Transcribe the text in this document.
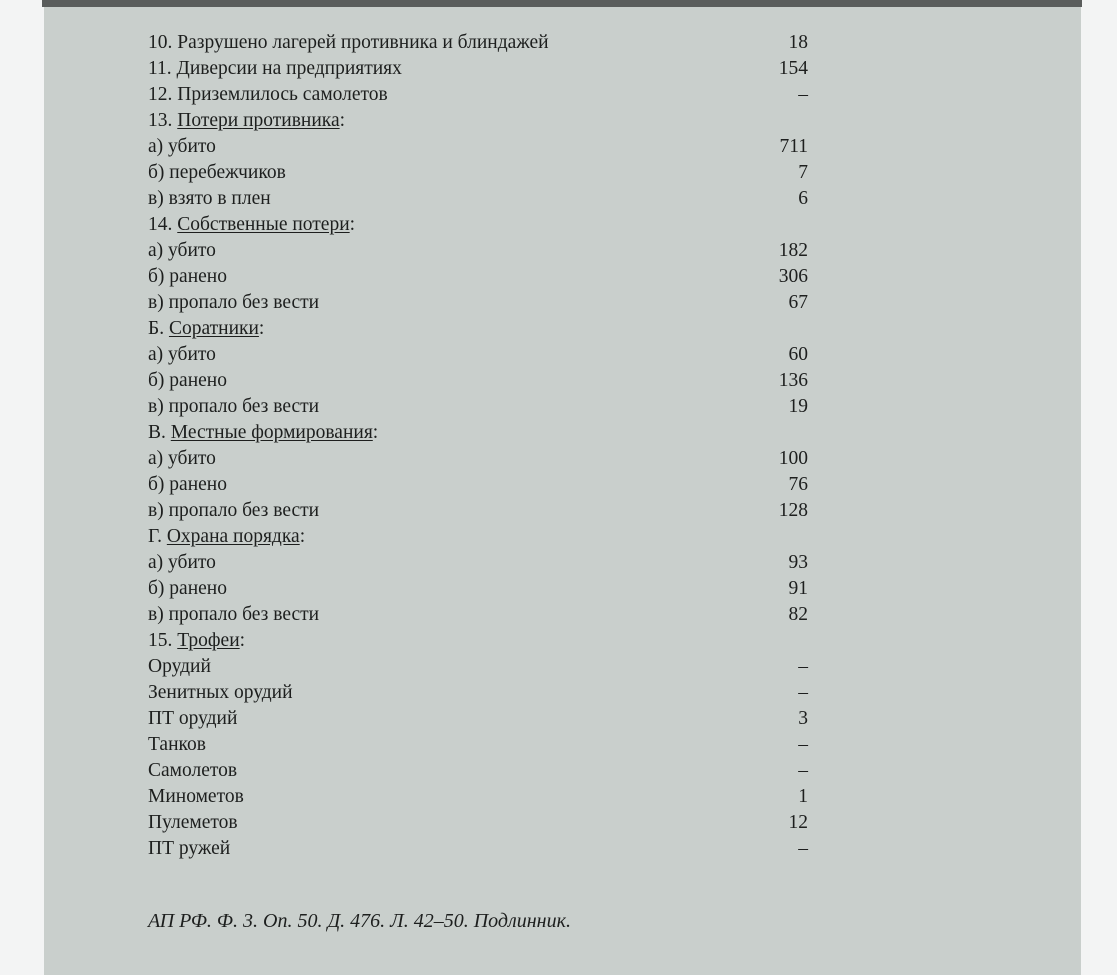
10. Разрушено лагерей противника и блиндажей	18
11. Диверсии на предприятиях	154
12. Приземлилось самолетов	–
13. Потери противника:
а) убито	711
б) перебежчиков	7
в) взято в плен	6
14. Собственные потери:
а) убито	182
б) ранено	306
в) пропало без вести	67
Б. Соратники:
а) убито	60
б) ранено	136
в) пропало без вести	19
В. Местные формирования:
а) убито	100
б) ранено	76
в) пропало без вести	128
Г. Охрана порядка:
а) убито	93
б) ранено	91
в) пропало без вести	82
15. Трофеи:
Орудий	–
Зенитных орудий	–
ПТ орудий	3
Танков	–
Самолетов	–
Минометов	1
Пулеметов	12
ПТ ружей	–
АП РФ. Ф. 3. Оп. 50. Д. 476. Л. 42–50. Подлинник.
